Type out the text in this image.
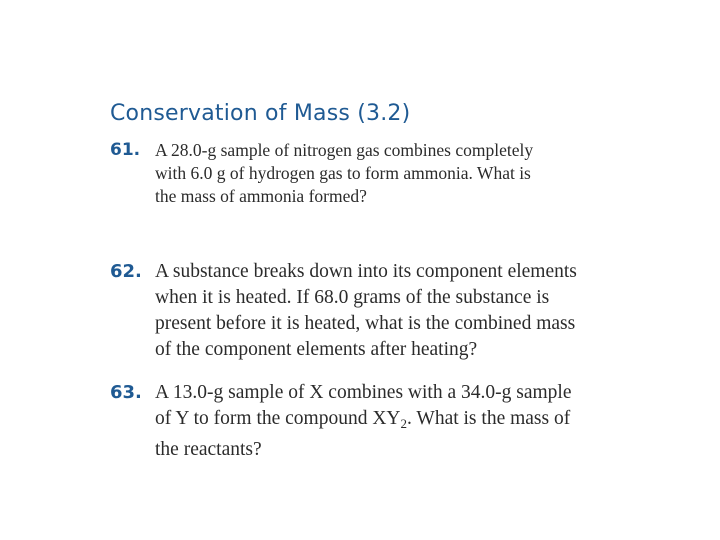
Conservation of Mass (3.2)
61. A 28.0-g sample of nitrogen gas combines completely
with 6.0 g of hydrogen gas to form ammonia. What is
the mass of ammonia formed?
62. A substance breaks down into its component elements
when it is heated. If 68.0 grams of the substance is
present before it is heated, what is the combined mass
of the component elements after heating?
63. A 13.0-g sample of X combines with a 34.0-g sample
of Y to form the compound $XY_2$. What is the mass of
the reactants?
